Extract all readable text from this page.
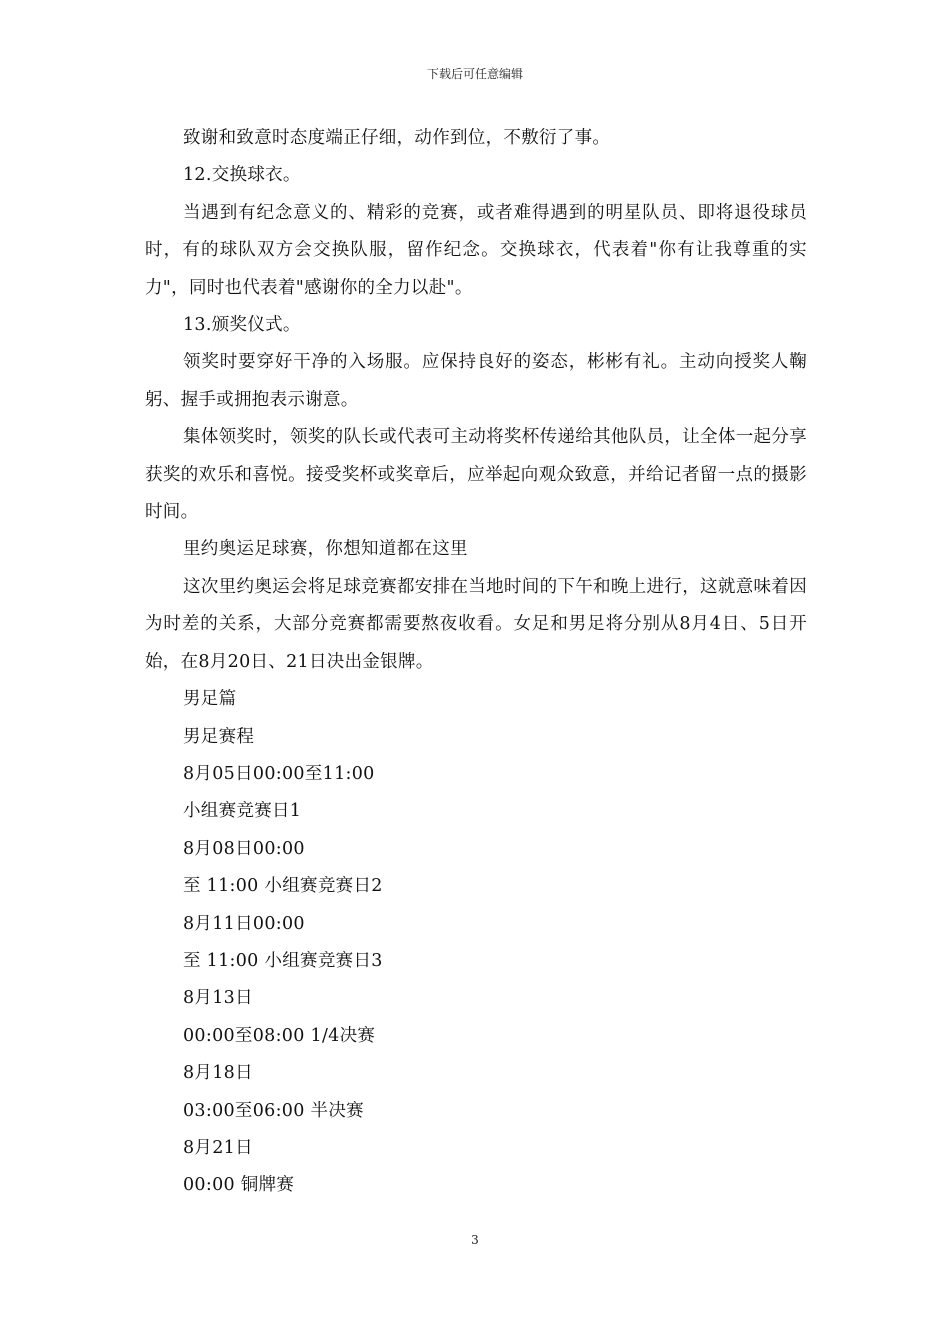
下载后可任意编辑

致谢和致意时态度端正仔细，动作到位，不敷衍了事。

12.交换球衣。

当遇到有纪念意义的、精彩的竞赛，或者难得遇到的明星队员、即将退役球员时，有的球队双方会交换队服，留作纪念。交换球衣，代表着"你有让我尊重的实力"，同时也代表着"感谢你的全力以赴"。

13.颁奖仪式。

领奖时要穿好干净的入场服。应保持良好的姿态，彬彬有礼。主动向授奖人鞠躬、握手或拥抱表示谢意。

集体领奖时，领奖的队长或代表可主动将奖杯传递给其他队员，让全体一起分享获奖的欢乐和喜悦。接受奖杯或奖章后，应举起向观众致意，并给记者留一点的摄影时间。

里约奥运足球赛，你想知道都在这里

这次里约奥运会将足球竞赛都安排在当地时间的下午和晚上进行，这就意味着因为时差的关系，大部分竞赛都需要熬夜收看。女足和男足将分别从8月4日、5日开始，在8月20日、21日决出金银牌。

男足篇

男足赛程

8月05日00:00至11:00

小组赛竞赛日1

8月08日00:00

至 11:00 小组赛竞赛日2

8月11日00:00

至 11:00 小组赛竞赛日3

8月13日

00:00至08:00 1/4决赛

8月18日

03:00至06:00 半决赛

8月21日

00:00 铜牌赛

3
